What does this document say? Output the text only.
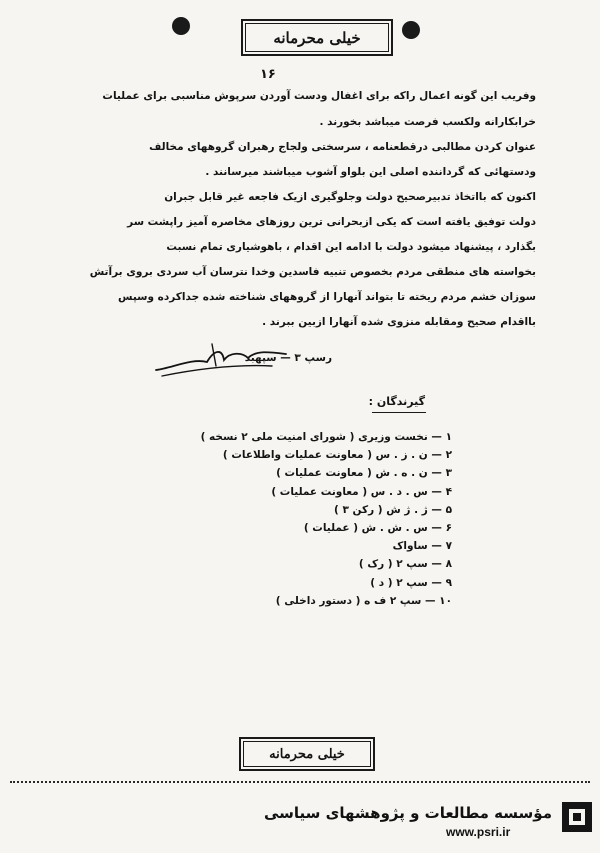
خیلی محرمانه
۱۶
وفریب این گونه اعمال راکه برای اغفال ودست آوردن سرپوش مناسبی برای عملیات
خرابکارانه ولکسب فرصت میباشد بخورند .
عنوان کردن مطالبی درقطعنامه ، سرسختی ولجاج رهبران گروههای مخالف
ودستهائی که گرداننده اصلی این بلواو آشوب میباشند میرسانند .
اکنون که بااتخاذ تدبیرصحیح دولت وجلوگیری ازیک فاجعه غیر قابل جبران
دولت توفیق یافته است که یکی ازبحرانی ترین روزهای مخاصره آمیز راپشت سر
بگذارد ، پیشنهاد میشود دولت با ادامه این اقدام ، باهوشیاری تمام نسبت
بخواسته های منطقی مردم بخصوص تنبیه فاسدین وخدا نترسان آب سردی بروی برآتش
سوزان خشم مردم ریخته تا بتواند آنهارا از گروههای شناخته شده جداکرده وسپس
بااقدام صحیح ومقابله منزوی شده آنهارا ازبین ببرند .
رسپ ۳ — سپهبد
گیرندگان :
۱ — نخست وزیری ( شورای امنیت ملی ۲ نسخه )
۲ — ن . ز . س ( معاونت عملیات واطلاعات )
۳ — ن . ه . ش ( معاونت عملیات )
۴ — س . د . س ( معاونت عملیات )
۵ — ژ . ژ ش ( رکن ۳ )
۶ — س . ش . ش ( عملیات )
۷ — ساواک
۸ — سپ ۲ ( رک )
۹ — سپ ۲ ( د )
۱۰ — سپ ۲ ف ه ( دستور داخلی )
خیلی محرمانه
مؤسسه مطالعات و پژوهشهای سیاسی
www.psri.ir
